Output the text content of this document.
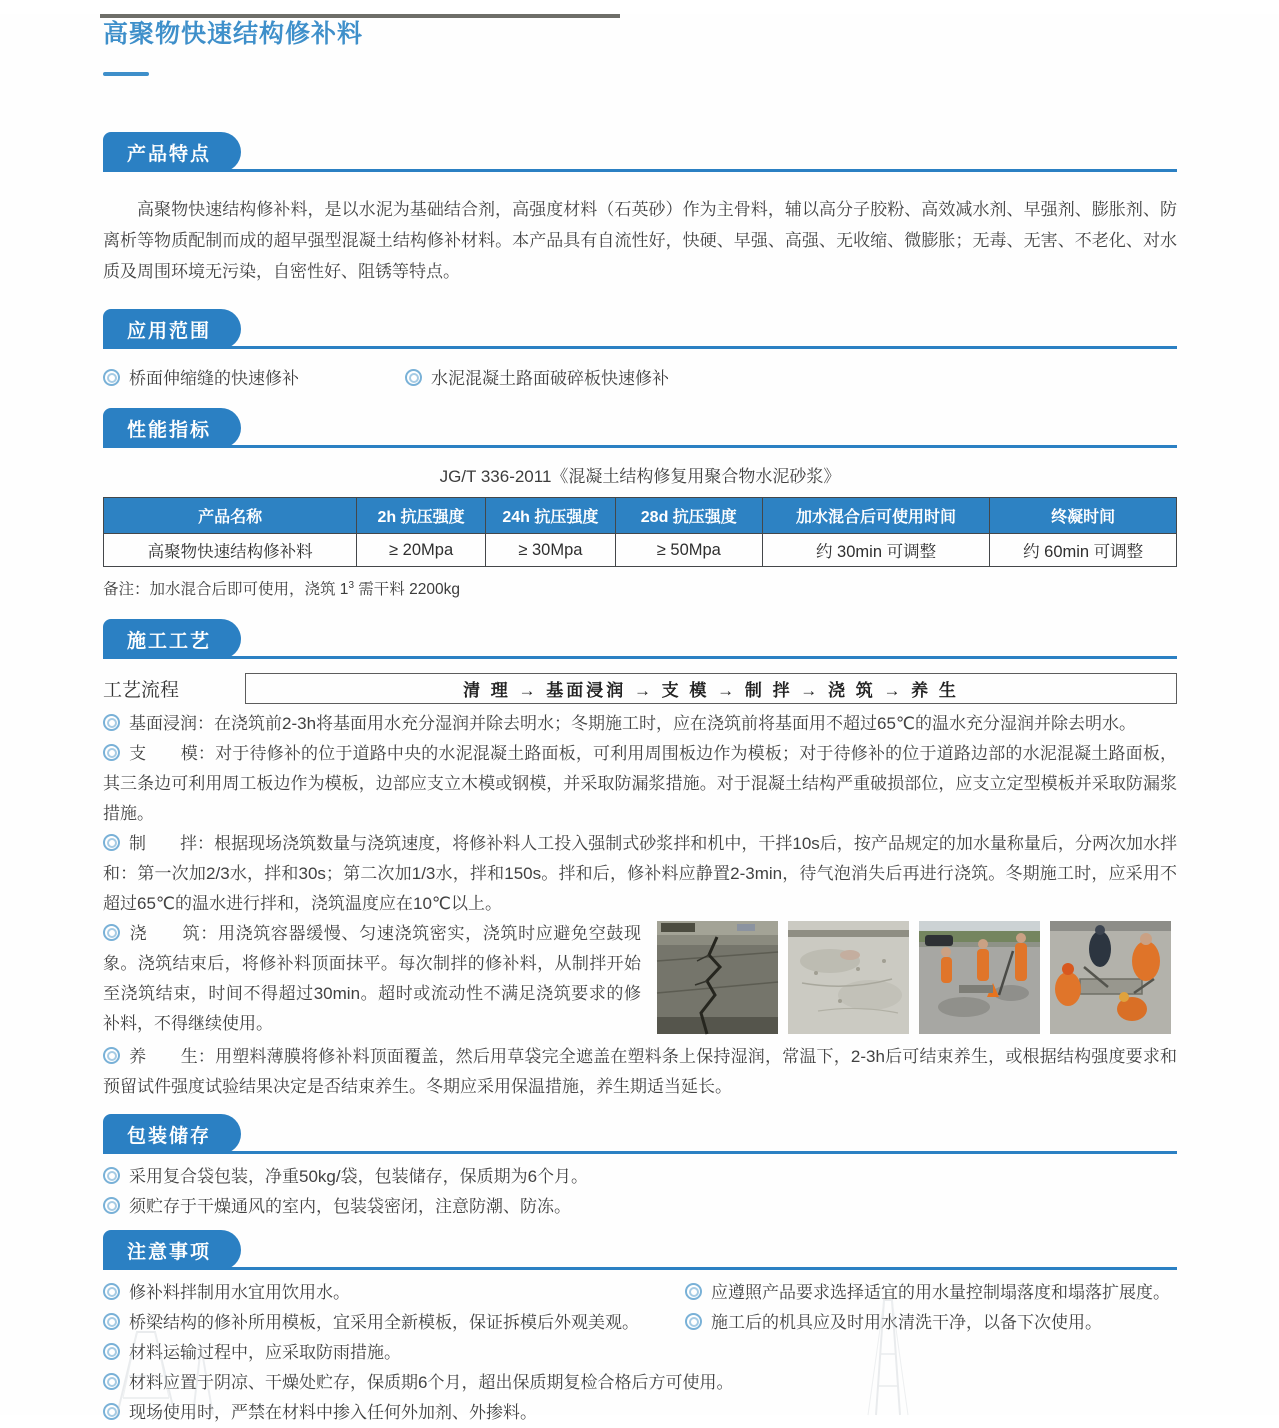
高聚物快速结构修补料
产品特点

高聚物快速结构修补料，是以水泥为基础结合剂，高强度材料（石英砂）作为主骨料，辅以高分子胶粉、高效减水剂、早强剂、膨胀剂、防离析等物质配制而成的超早强型混凝土结构修补材料。本产品具有自流性好，快硬、早强、高强、无收缩、微膨胀；无毒、无害、不老化、对水质及周围环境无污染，自密性好、阻锈等特点。

应用范围

桥面伸缩缝的快速修补	水泥混凝土路面破碎板快速修补

性能指标

JG/T 336-2011《混凝土结构修复用聚合物水泥砂浆》

产品名称	2h 抗压强度	24h 抗压强度	28d 抗压强度	加水混合后可使用时间	终凝时间
高聚物快速结构修补料	≥ 20Mpa	≥ 30Mpa	≥ 50Mpa	约 30min 可调整	约 60min 可调整

备注：加水混合后即可使用，浇筑 $1^3$ 需干料 2200kg

施工工艺
工艺流程	清 理 → 基面浸润 → 支 模 → 制 拌 → 浇 筑 → 养 生

基面浸润：在浇筑前2-3h将基面用水充分湿润并除去明水；冬期施工时，应在浇筑前将基面用不超过65℃的温水充分湿润并除去明水。

支　　模：对于待修补的位于道路中央的水泥混凝土路面板，可利用周围板边作为模板；对于待修补的位于道路边部的水泥混凝土路面板，其三条边可利用周工板边作为模板，边部应支立木模或钢模，并采取防漏浆措施。对于混凝土结构严重破损部位，应支立定型模板并采取防漏浆措施。

制　　拌：根据现场浇筑数量与浇筑速度，将修补料人工投入强制式砂浆拌和机中，干拌10s后，按产品规定的加水量称量后，分两次加水拌和：第一次加2/3水，拌和30s；第二次加1/3水，拌和150s。拌和后，修补料应静置2-3min，待气泡消失后再进行浇筑。冬期施工时，应采用不超过65℃的温水进行拌和，浇筑温度应在10℃以上。

浇　　筑：用浇筑容器缓慢、匀速浇筑密实，浇筑时应避免空鼓现象。浇筑结束后，将修补料顶面抹平。每次制拌的修补料，从制拌开始至浇筑结束，时间不得超过30min。超时或流动性不满足浇筑要求的修补料，不得继续使用。

养　　生：用塑料薄膜将修补料顶面覆盖，然后用草袋完全遮盖在塑料条上保持湿润，常温下，2-3h后可结束养生，或根据结构强度要求和预留试件强度试验结果决定是否结束养生。冬期应采用保温措施，养生期适当延长。

包装储存

采用复合袋包装，净重50kg/袋，包装储存，保质期为6个月。

须贮存于干燥通风的室内，包装袋密闭，注意防潮、防冻。

注意事项

修补料拌制用水宜用饮用水。

桥梁结构的修补所用模板，宜采用全新模板，保证拆模后外观美观。

材料运输过程中，应采取防雨措施。

应遵照产品要求选择适宜的用水量控制塌落度和塌落扩展度。

施工后的机具应及时用水清洗干净，以备下次使用。

材料应置于阴凉、干燥处贮存，保质期6个月，超出保质期复检合格后方可使用。

现场使用时，严禁在材料中掺入任何外加剂、外掺料。
